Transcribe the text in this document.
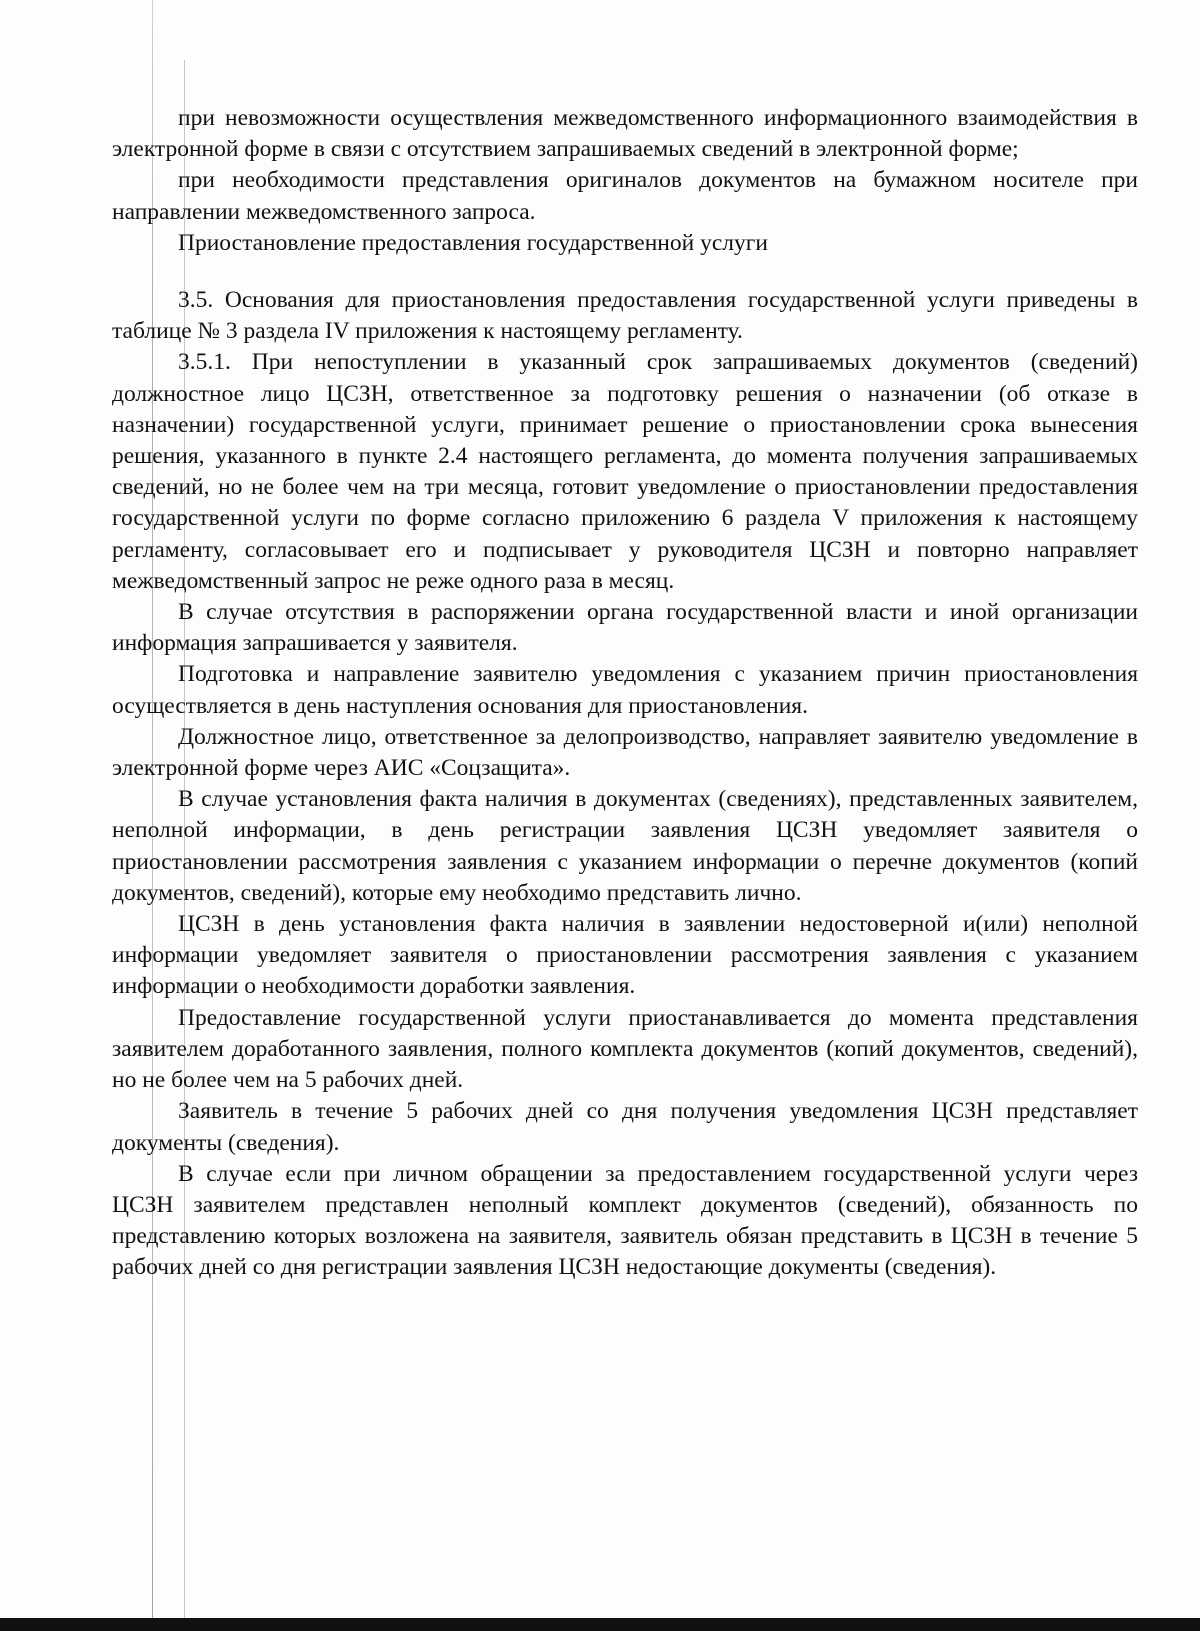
при невозможности осуществления межведомственного информационного взаимодействия в электронной форме в связи с отсутствием запрашиваемых сведений в электронной форме;

при необходимости представления оригиналов документов на бумажном носителе при направлении межведомственного запроса.

Приостановление предоставления государственной услуги

3.5. Основания для приостановления предоставления государственной услуги приведены в таблице № 3 раздела IV приложения к настоящему регламенту.

3.5.1. При непоступлении в указанный срок запрашиваемых документов (сведений) должностное лицо ЦСЗН, ответственное за подготовку решения о назначении (об отказе в назначении) государственной услуги, принимает решение о приостановлении срока вынесения решения, указанного в пункте 2.4 настоящего регламента, до момента получения запрашиваемых сведений, но не более чем на три месяца, готовит уведомление о приостановлении предоставления государственной услуги по форме согласно приложению 6 раздела V приложения к настоящему регламенту, согласовывает его и подписывает у руководителя ЦСЗН и повторно направляет межведомственный запрос не реже одного раза в месяц.

В случае отсутствия в распоряжении органа государственной власти и иной организации информация запрашивается у заявителя.

Подготовка и направление заявителю уведомления с указанием причин приостановления осуществляется в день наступления основания для приостановления.

Должностное лицо, ответственное за делопроизводство, направляет заявителю уведомление в электронной форме через АИС «Соцзащита».

В случае установления факта наличия в документах (сведениях), представленных заявителем, неполной информации, в день регистрации заявления ЦСЗН уведомляет заявителя о приостановлении рассмотрения заявления с указанием информации о перечне документов (копий документов, сведений), которые ему необходимо представить лично.

ЦСЗН в день установления факта наличия в заявлении недостоверной и(или) неполной информации уведомляет заявителя о приостановлении рассмотрения заявления с указанием информации о необходимости доработки заявления.

Предоставление государственной услуги приостанавливается до момента представления заявителем доработанного заявления, полного комплекта документов (копий документов, сведений), но не более чем на 5 рабочих дней.

Заявитель в течение 5 рабочих дней со дня получения уведомления ЦСЗН представляет документы (сведения).

В случае если при личном обращении за предоставлением государственной услуги через ЦСЗН заявителем представлен неполный комплект документов (сведений), обязанность по представлению которых возложена на заявителя, заявитель обязан представить в ЦСЗН в течение 5 рабочих дней со дня регистрации заявления ЦСЗН недостающие документы (сведения).
